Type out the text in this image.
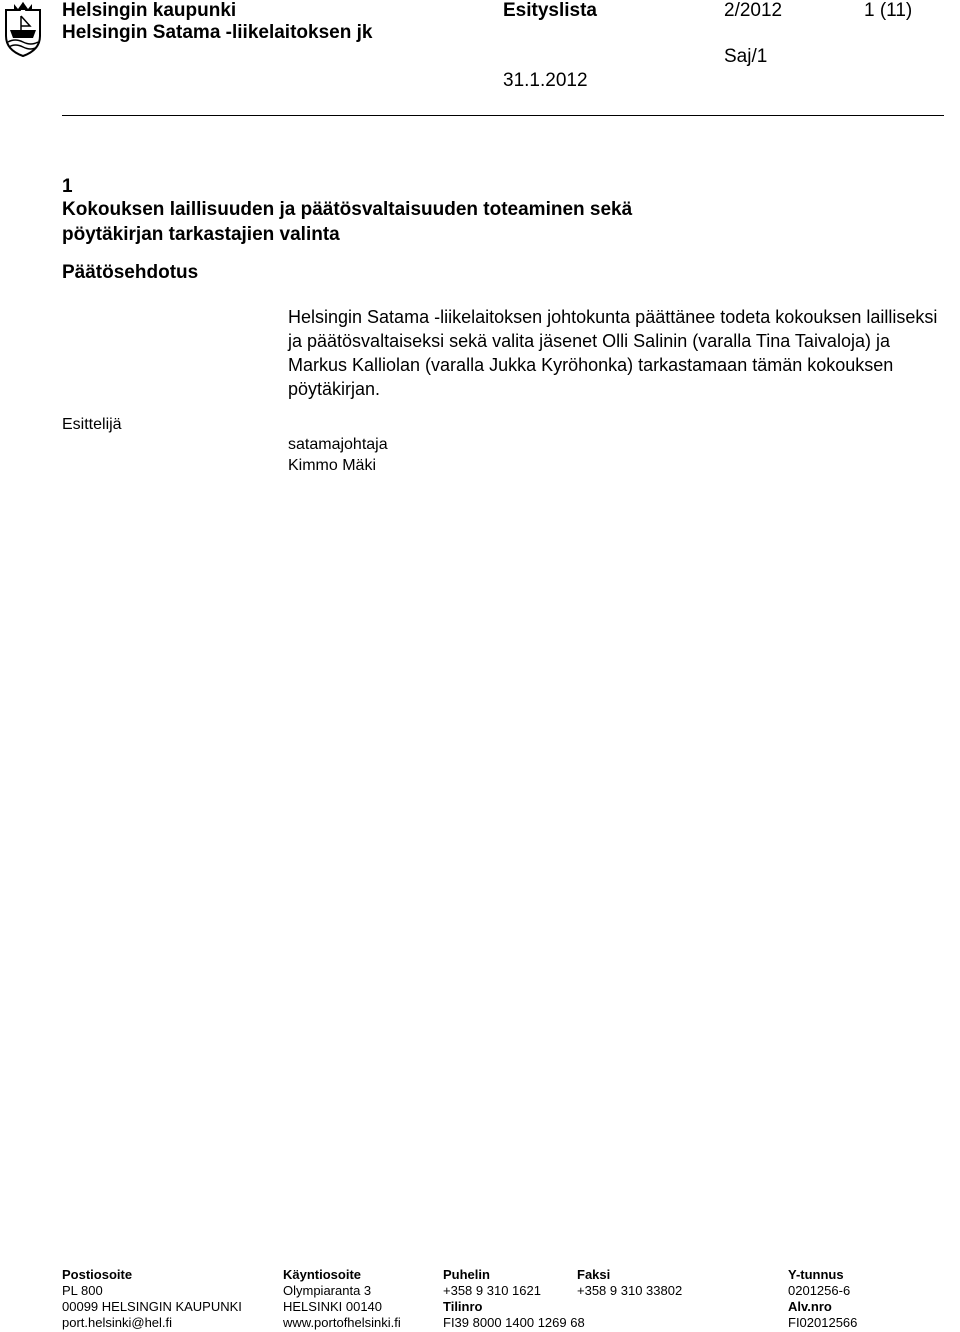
Helsingin kaupunki
Helsingin Satama -liikelaitoksen jk
Esityslista	2/2012	1 (11)
Saj/1
31.1.2012
1
Kokouksen laillisuuden ja päätösvaltaisuuden toteaminen sekä
pöytäkirjan tarkastajien valinta
Päätösehdotus
Helsingin Satama -liikelaitoksen johtokunta päättänee todeta kokouksen lailliseksi ja päätösvaltaiseksi sekä valita jäsenet Olli Salinin (varalla Tina Taivaloja) ja Markus Kalliolan (varalla Jukka Kyröhonka) tarkastamaan tämän kokouksen pöytäkirjan.
Esittelijä
satamajohtaja
Kimmo Mäki
Postiosoite
PL 800
00099 HELSINGIN KAUPUNKI
port.helsinki@hel.fi
Käyntiosoite
Olympiaranta 3
HELSINKI 00140
www.portofhelsinki.fi
Puhelin
+358 9 310 1621
Tilinro
FI39 8000 1400 1269 68
Faksi
+358 9 310 33802
Y-tunnus
0201256-6
Alv.nro
FI02012566
